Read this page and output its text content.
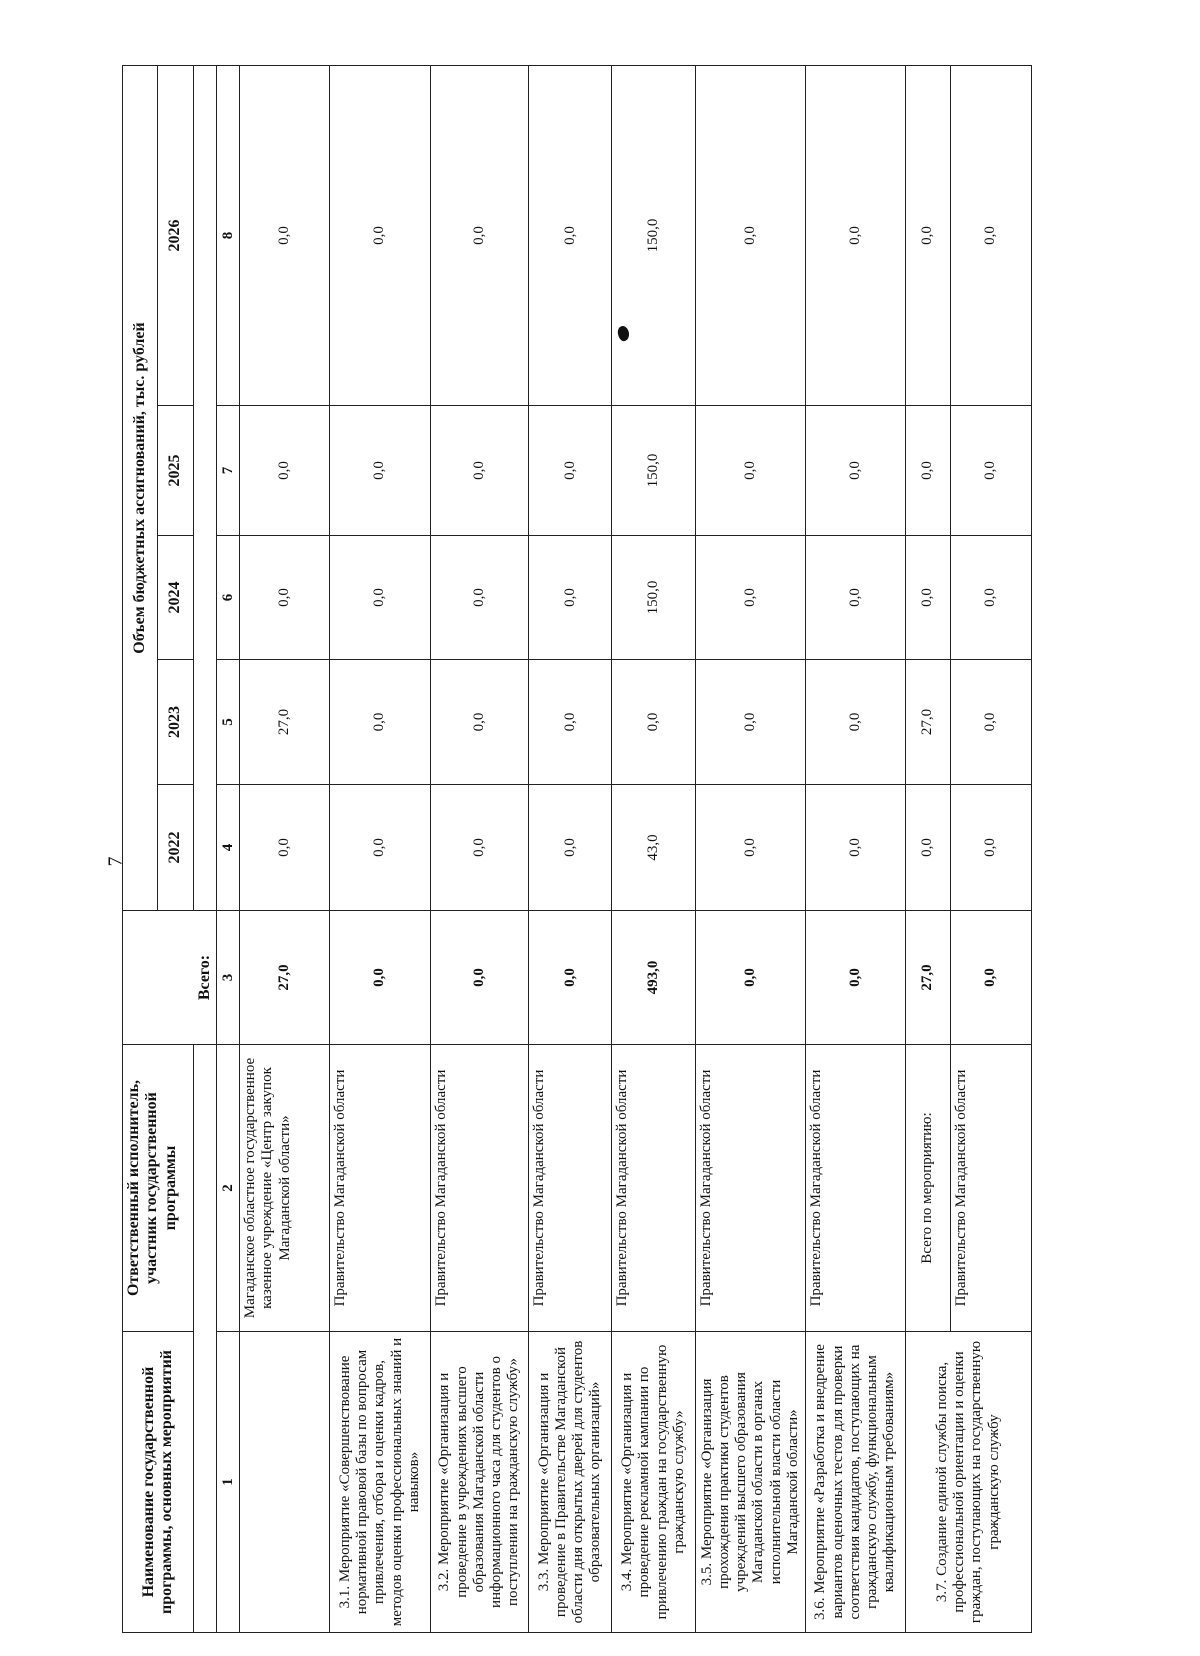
7
Наименование государственной программы, основных мероприятий	Ответственный исполнитель, участник государственной программы		Объем бюджетных ассигнований, тыс. рублей				
			2022	2023	2024	2025	2026
		Всего:					
1	2	3	4	5	6	7	8
	Магаданское областное государственное казенное учреждение «Центр закупок Магаданской области»	27,0	0,0	27,0	0,0	0,0	0,0
3.1. Мероприятие «Совершенствование нормативной правовой базы по вопросам привлечения, отбора и оценки кадров, методов оценки профессиональных знаний и навыков»	Правительство Магаданской области	0,0	0,0	0,0	0,0	0,0	0,0
3.2. Мероприятие «Организация и проведение в учреждениях высшего образования Магаданской области информационного часа для студентов о поступлении на гражданскую службу»	Правительство Магаданской области	0,0	0,0	0,0	0,0	0,0	0,0
3.3. Мероприятие «Организация и проведение в Правительстве Магаданской области дня открытых дверей для студентов образовательных организаций»	Правительство Магаданской области	0,0	0,0	0,0	0,0	0,0	0,0
3.4. Мероприятие «Организация и проведение рекламной кампании по привлечению граждан на государственную гражданскую службу»	Правительство Магаданской области	493,0	43,0	0,0	150,0	150,0	150,0
3.5. Мероприятие «Организация прохождения практики студентов учреждений высшего образования Магаданской области в органах исполнительной власти области Магаданской области»	Правительство Магаданской области	0,0	0,0	0,0	0,0	0,0	0,0
3.6. Мероприятие «Разработка и внедрение вариантов оценочных тестов для проверки соответствия кандидатов, поступающих на гражданскую службу, функциональным квалификационным требованиям»	Правительство Магаданской области	0,0	0,0	0,0	0,0	0,0	0,0
3.7. Создание единой службы поиска, профессиональной ориентации и оценки граждан, поступающих на государственную гражданскую службу	Всего по мероприятию:	27,0	0,0	27,0	0,0	0,0	0,0
	Правительство Магаданской области	0,0	0,0	0,0	0,0	0,0	0,0
